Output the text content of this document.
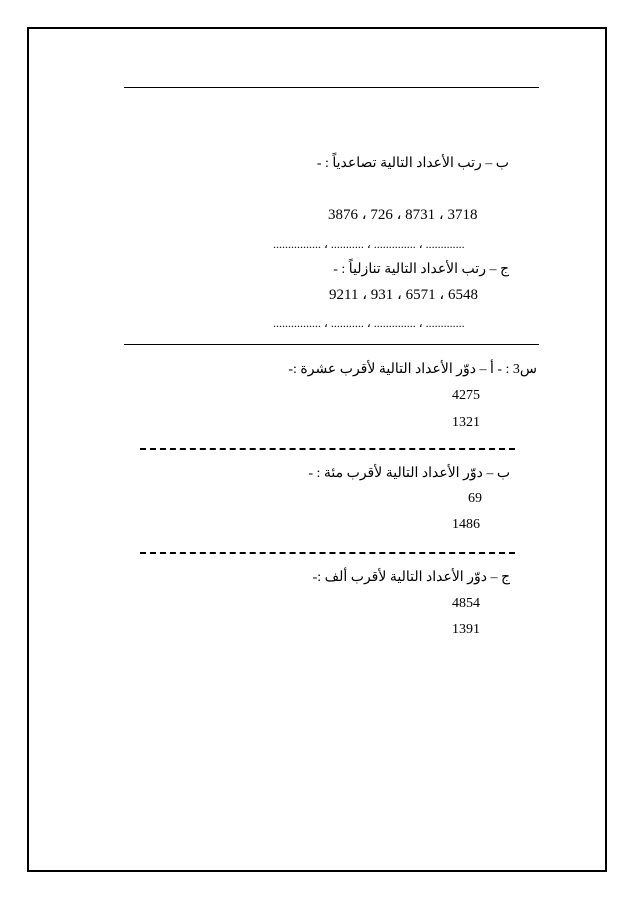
ب – رتب الأعداد التالية تصاعدياً : -
3876 ، 726 ، 8731 ، 3718
................ ، ........... ، .............. ، .............
ج – رتب الأعداد التالية تنازلياً : -
9211 ، 931 ، 6571 ، 6548
................ ، ........... ، .............. ، .............
س3 : - أ – دوّر الأعداد التالية لأقرب عشرة :-
4275
1321
ب – دوّر الأعداد التالية لأقرب مئة : -
69
1486
ج – دوّر الأعداد التالية لأقرب ألف :-
4854
1391
